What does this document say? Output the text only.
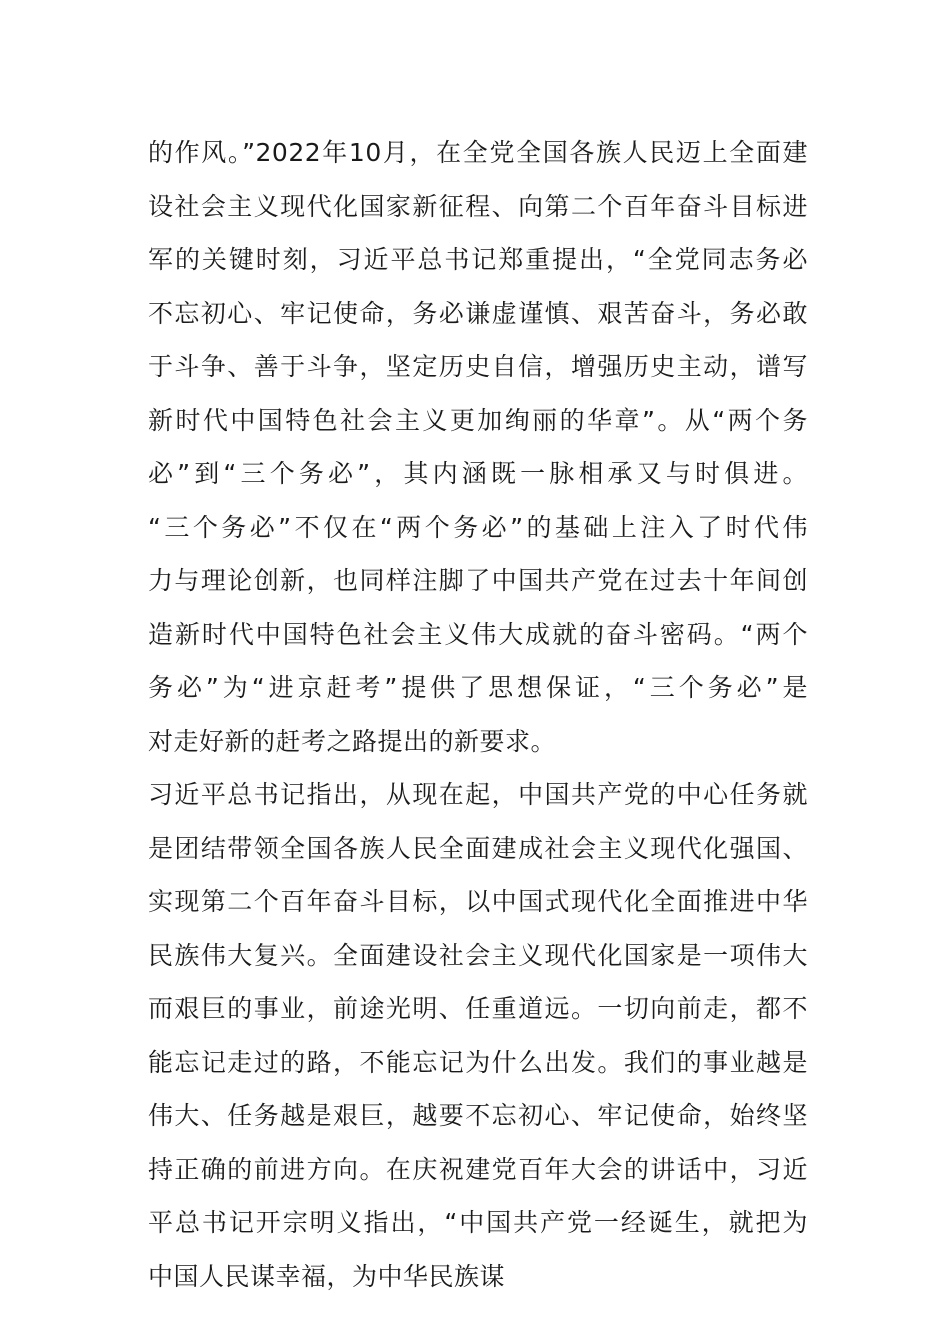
的作风。”2022年10月，在全党全国各族人民迈上全面建
设社会主义现代化国家新征程、向第二个百年奋斗目标进
军的关键时刻，习近平总书记郑重提出，“全党同志务必
不忘初心、牢记使命，务必谦虚谨慎、艰苦奋斗，务必敢
于斗争、善于斗争，坚定历史自信，增强历史主动，谱写
新时代中国特色社会主义更加绚丽的华章”。从“两个务
必”到“三个务必”，其内涵既一脉相承又与时俱进。
“三个务必”不仅在“两个务必”的基础上注入了时代伟
力与理论创新，也同样注脚了中国共产党在过去十年间创
造新时代中国特色社会主义伟大成就的奋斗密码。“两个
务必”为“进京赶考”提供了思想保证，“三个务必”是
对走好新的赶考之路提出的新要求。
习近平总书记指出，从现在起，中国共产党的中心任务就
是团结带领全国各族人民全面建成社会主义现代化强国、
实现第二个百年奋斗目标，以中国式现代化全面推进中华
民族伟大复兴。全面建设社会主义现代化国家是一项伟大
而艰巨的事业，前途光明、任重道远。一切向前走，都不
能忘记走过的路，不能忘记为什么出发。我们的事业越是
伟大、任务越是艰巨，越要不忘初心、牢记使命，始终坚
持正确的前进方向。在庆祝建党百年大会的讲话中，习近
平总书记开宗明义指出，“中国共产党一经诞生，就把为
中国人民谋幸福，为中华民族谋
